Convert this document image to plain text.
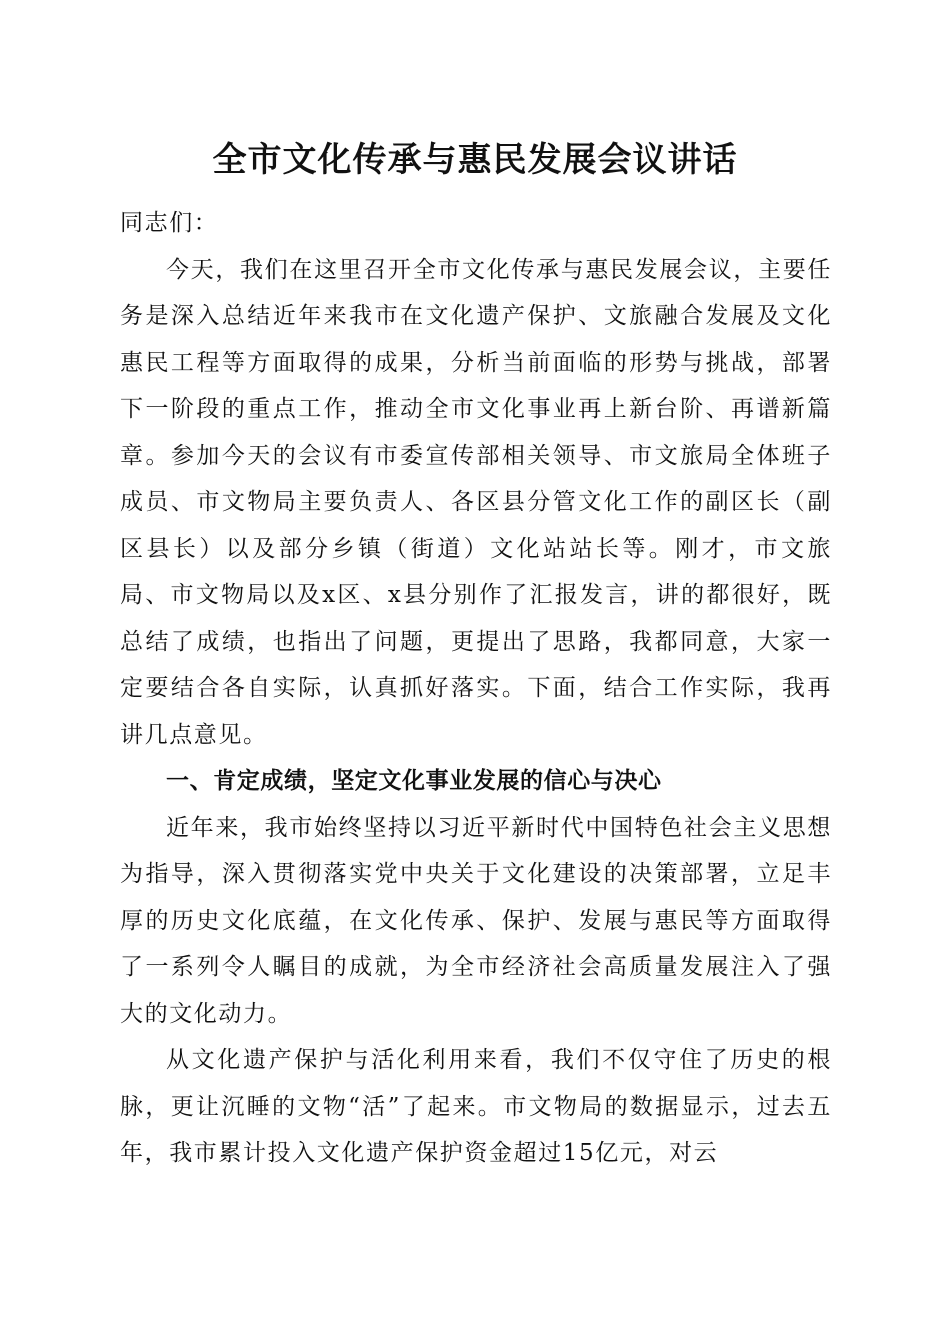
全市文化传承与惠民发展会议讲话

同志们：

今天，我们在这里召开全市文化传承与惠民发展会议，主要任务是深入总结近年来我市在文化遗产保护、文旅融合发展及文化惠民工程等方面取得的成果，分析当前面临的形势与挑战，部署下一阶段的重点工作，推动全市文化事业再上新台阶、再谱新篇章。参加今天的会议有市委宣传部相关领导、市文旅局全体班子成员、市文物局主要负责人、各区县分管文化工作的副区长（副区县长）以及部分乡镇（街道）文化站站长等。刚才，市文旅局、市文物局以及x区、x县分别作了汇报发言，讲的都很好，既总结了成绩，也指出了问题，更提出了思路，我都同意，大家一定要结合各自实际，认真抓好落实。下面，结合工作实际，我再讲几点意见。

一、肯定成绩，坚定文化事业发展的信心与决心

近年来，我市始终坚持以习近平新时代中国特色社会主义思想为指导，深入贯彻落实党中央关于文化建设的决策部署，立足丰厚的历史文化底蕴，在文化传承、保护、发展与惠民等方面取得了一系列令人瞩目的成就，为全市经济社会高质量发展注入了强大的文化动力。

从文化遗产保护与活化利用来看，我们不仅守住了历史的根脉，更让沉睡的文物“活”了起来。市文物局的数据显示，过去五年，我市累计投入文化遗产保护资金超过15亿元，对云
